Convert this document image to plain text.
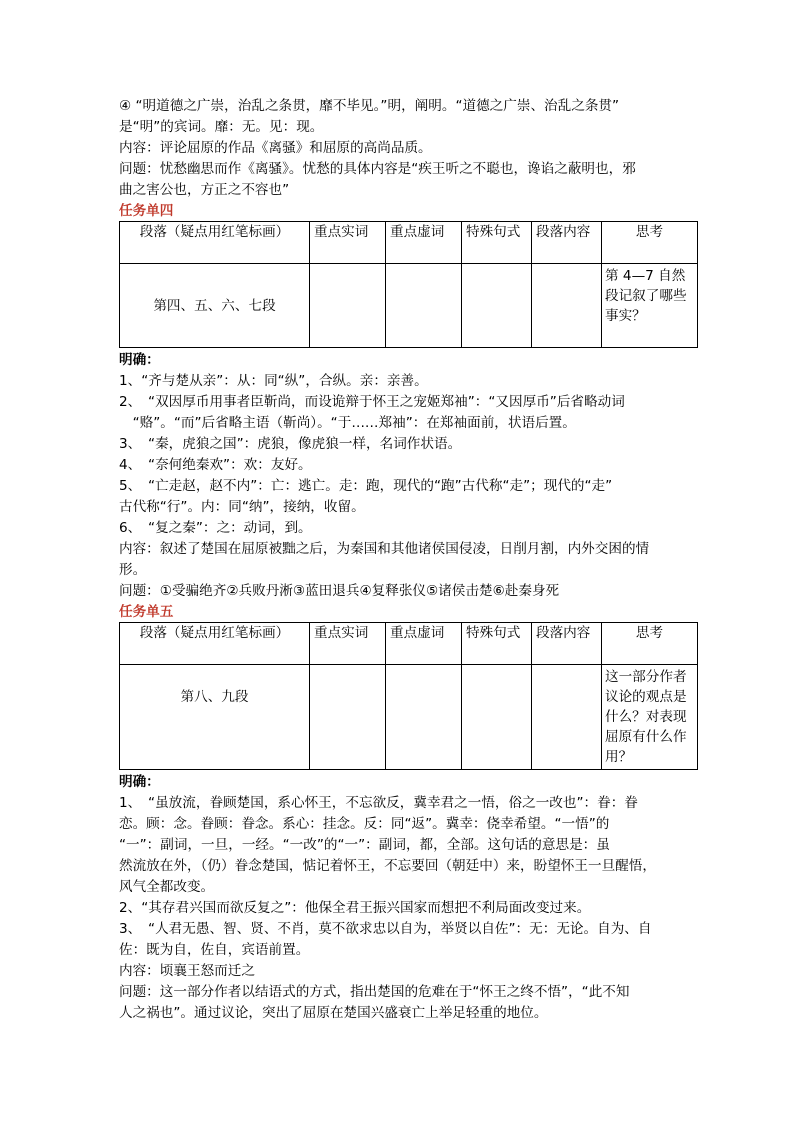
④ “明道德之广崇，治乱之条贯，靡不毕见。”明，阐明。“道德之广崇、治乱之条贯”
是“明”的宾词。靡：无。见：现。
内容：评论屈原的作品《离骚》和屈原的高尚品质。
问题：忧愁幽思而作《离骚》。忧愁的具体内容是“疾王听之不聪也，谗谄之蔽明也，邪
曲之害公也，方正之不容也”
任务单四
段落（疑点用红笔标画）	重点实词	重点虚词	特殊句式	段落内容	思考
第四、五、六、七段					第 4—7 自然段记叙了哪些事实？
明确：
1、“齐与楚从亲”：从：同“纵”，合纵。亲：亲善。
2、　“双因厚币用事者臣靳尚，而设诡辩于怀王之宠姬郑袖”：“又因厚币”后省略动词
　“赂”。“而”后省略主语（靳尚）。“于……郑袖”：在郑袖面前，状语后置。
3、　“秦，虎狼之国”：虎狼，像虎狼一样，名词作状语。
4、　“奈何绝秦欢”：欢：友好。
5、　“亡走赵，赵不内”：亡：逃亡。走：跑，现代的“跑”古代称“走”；现代的“走”
古代称“行”。内：同“纳”，接纳，收留。
6、　“复之秦”：之：动词，到。
内容：叙述了楚国在屈原被黜之后，为秦国和其他诸侯国侵凌，日削月割，内外交困的情
形。
问题：①受骗绝齐②兵败丹淅③蓝田退兵④复释张仪⑤诸侯击楚⑥赴秦身死
任务单五
段落（疑点用红笔标画）	重点实词	重点虚词	特殊句式	段落内容	思考
第八、九段					这一部分作者议论的观点是什么？对表现屈原有什么作用？
明确：
1、　“虽放流，眷顾楚国，系心怀王，不忘欲反，冀幸君之一悟，俗之一改也”：眷：眷
恋。顾：念。眷顾：眷念。系心：挂念。反：同“返”。冀幸：侥幸希望。“一悟”的
“一”：副词，一旦，一经。“一改”的“一”：副词，都，全部。这句话的意思是：虽
然流放在外，（仍）眷念楚国，惦记着怀王，不忘要回（朝廷中）来，盼望怀王一旦醒悟，
风气全都改变。
2、“其存君兴国而欲反复之”：他保全君王振兴国家而想把不利局面改变过来。
3、　“人君无愚、智、贤、不肖，莫不欲求忠以自为，举贤以自佐”：无：无论。自为、自
佐：既为自，佐自，宾语前置。
内容：顷襄王怒而迁之
问题：这一部分作者以结语式的方式，指出楚国的危难在于“怀王之终不悟”，“此不知
人之祸也”。通过议论，突出了屈原在楚国兴盛衰亡上举足轻重的地位。
